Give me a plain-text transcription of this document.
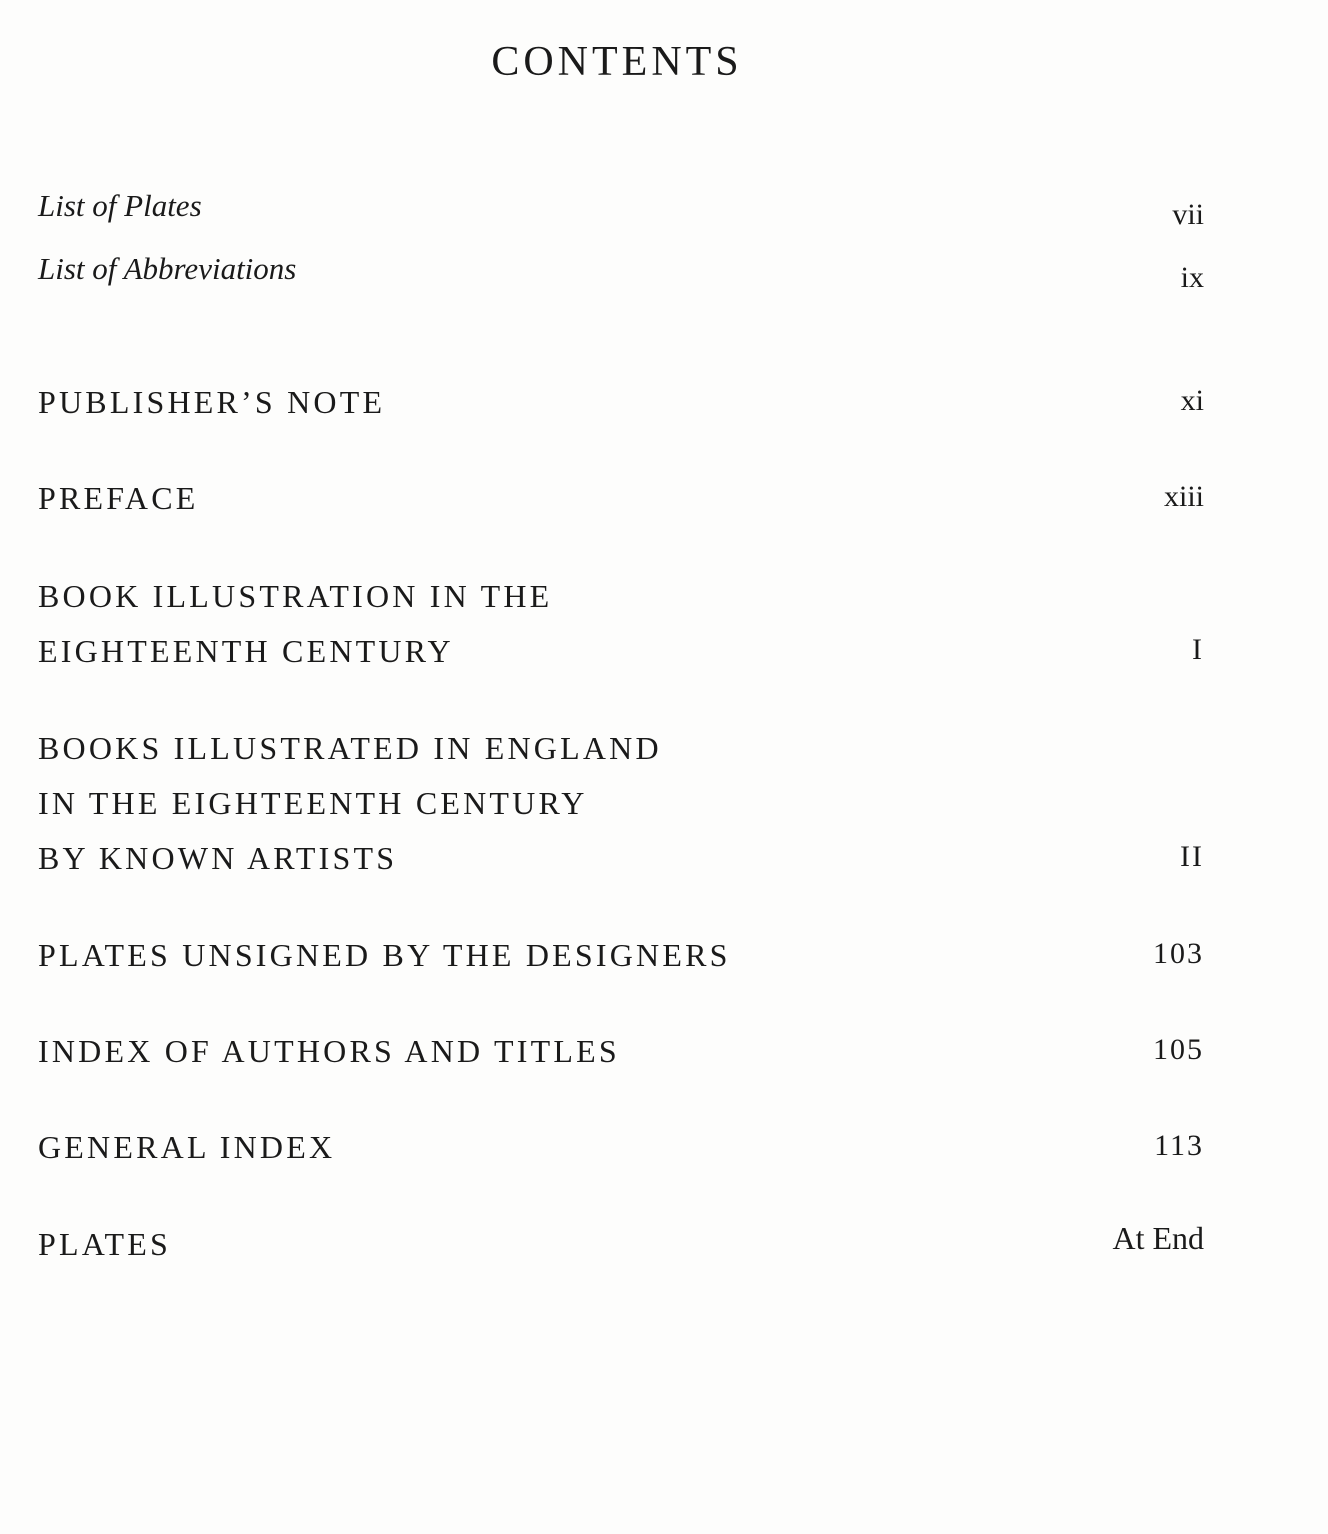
CONTENTS
List of Plates	vii
List of Abbreviations	ix
PUBLISHER’S NOTE	xi
PREFACE	xiii
BOOK ILLUSTRATION IN THE
EIGHTEENTH CENTURY	I
BOOKS ILLUSTRATED IN ENGLAND
IN THE EIGHTEENTH CENTURY
BY KNOWN ARTISTS	II
PLATES UNSIGNED BY THE DESIGNERS	103
INDEX OF AUTHORS AND TITLES	105
GENERAL INDEX	113
PLATES	At End
